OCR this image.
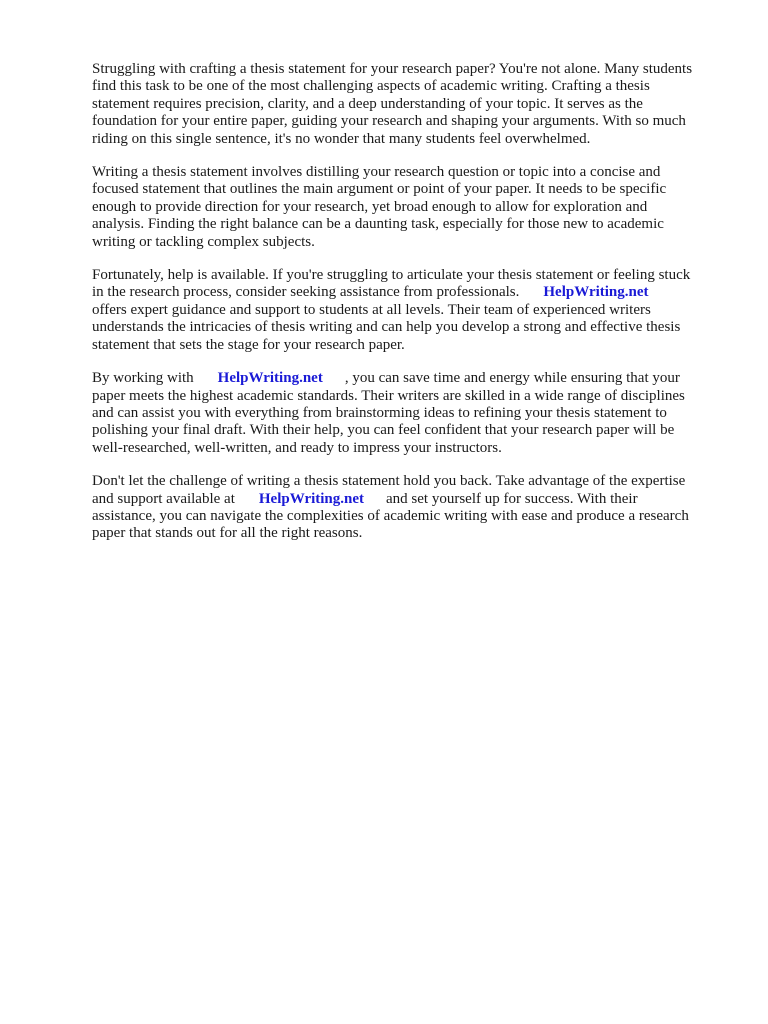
Struggling with crafting a thesis statement for your research paper? You're not alone. Many students
find this task to be one of the most challenging aspects of academic writing. Crafting a thesis
statement requires precision, clarity, and a deep understanding of your topic. It serves as the
foundation for your entire paper, guiding your research and shaping your arguments. With so much
riding on this single sentence, it's no wonder that many students feel overwhelmed.

Writing a thesis statement involves distilling your research question or topic into a concise and
focused statement that outlines the main argument or point of your paper. It needs to be specific
enough to provide direction for your research, yet broad enough to allow for exploration and
analysis. Finding the right balance can be a daunting task, especially for those new to academic
writing or tackling complex subjects.

Fortunately, help is available. If you're struggling to articulate your thesis statement or feeling stuck
in the research process, consider seeking assistance from professionals. HelpWriting.net
offers expert guidance and support to students at all levels. Their team of experienced writers
understands the intricacies of thesis writing and can help you develop a strong and effective thesis
statement that sets the stage for your research paper.

By working with HelpWriting.net , you can save time and energy while ensuring that your
paper meets the highest academic standards. Their writers are skilled in a wide range of disciplines
and can assist you with everything from brainstorming ideas to refining your thesis statement to
polishing your final draft. With their help, you can feel confident that your research paper will be
well-researched, well-written, and ready to impress your instructors.

Don't let the challenge of writing a thesis statement hold you back. Take advantage of the expertise
and support available at HelpWriting.net and set yourself up for success. With their
assistance, you can navigate the complexities of academic writing with ease and produce a research
paper that stands out for all the right reasons.
